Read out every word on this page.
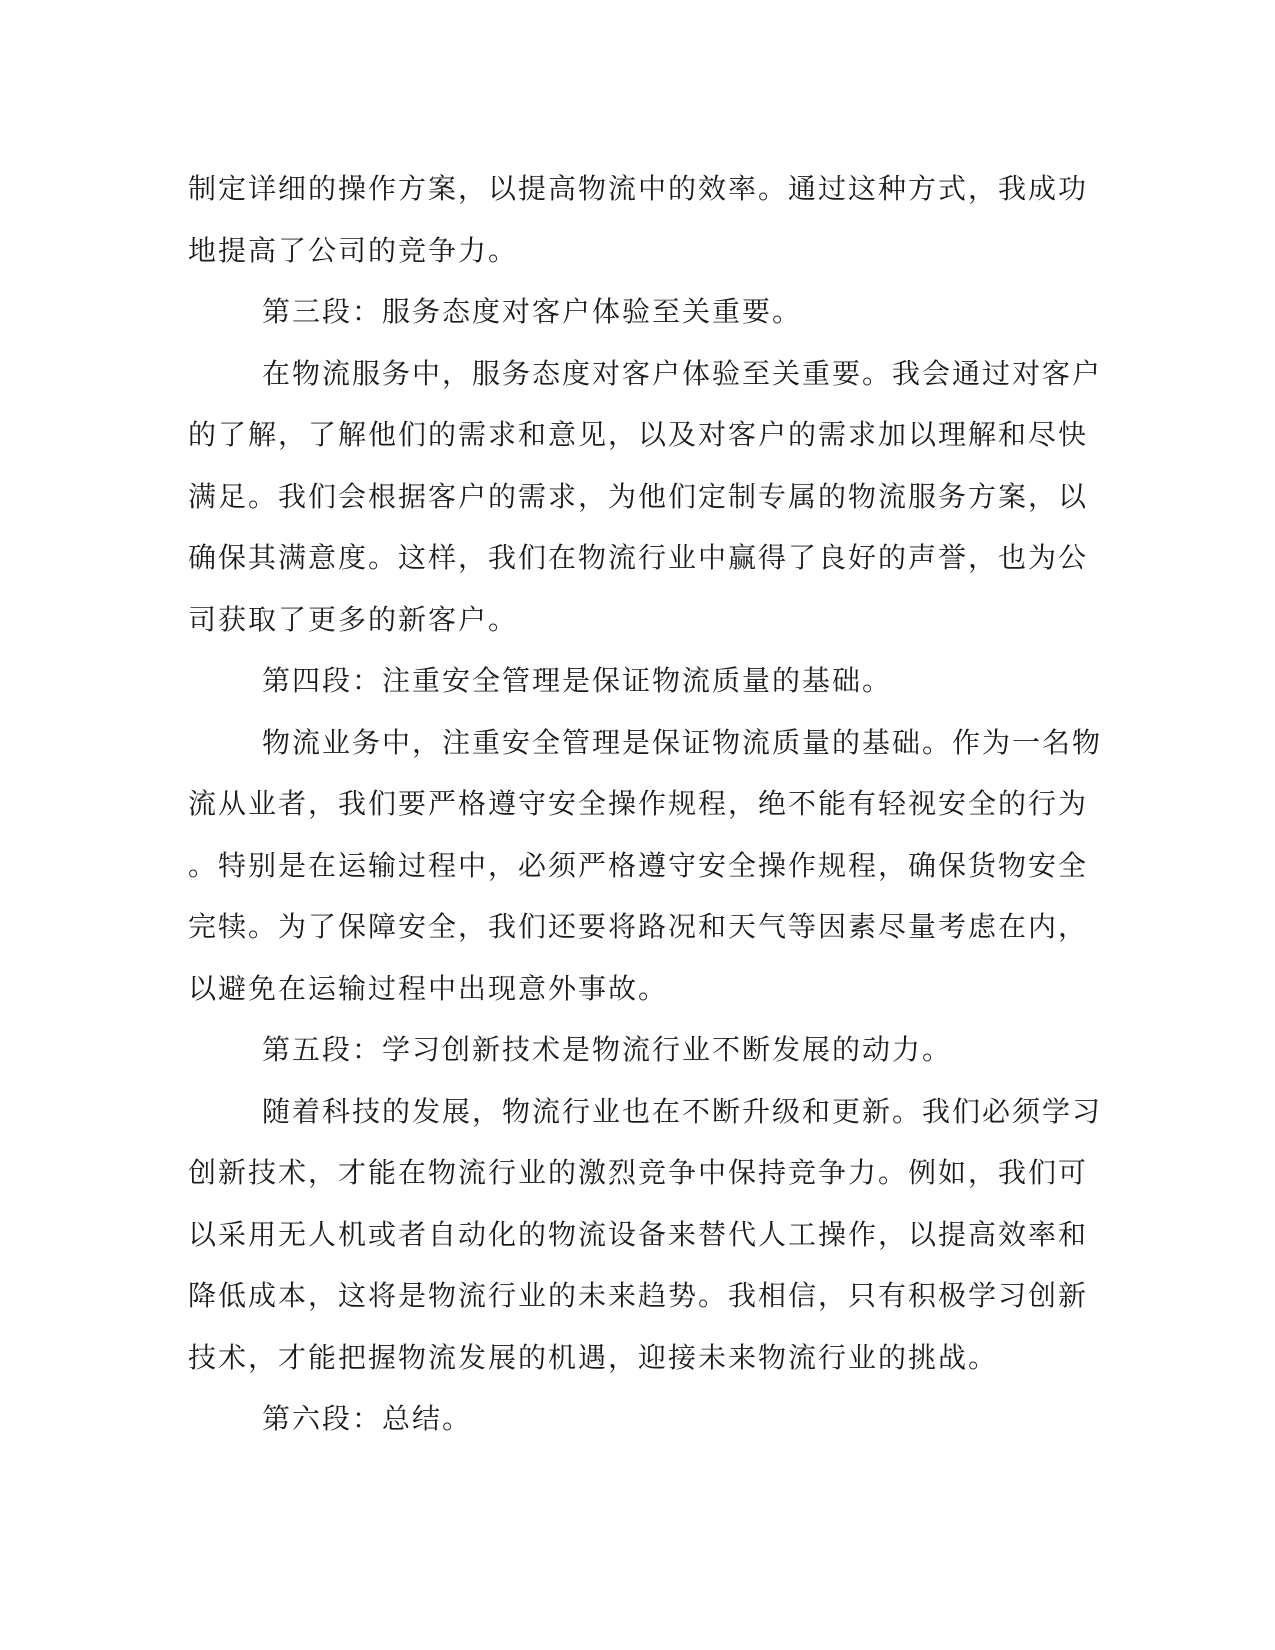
制定详细的操作方案，以提高物流中的效率。通过这种方式，我成功
地提高了公司的竞争力。
第三段：服务态度对客户体验至关重要。
在物流服务中，服务态度对客户体验至关重要。我会通过对客户
的了解，了解他们的需求和意见，以及对客户的需求加以理解和尽快
满足。我们会根据客户的需求，为他们定制专属的物流服务方案，以
确保其满意度。这样，我们在物流行业中赢得了良好的声誉，也为公
司获取了更多的新客户。
第四段：注重安全管理是保证物流质量的基础。
物流业务中，注重安全管理是保证物流质量的基础。作为一名物
流从业者，我们要严格遵守安全操作规程，绝不能有轻视安全的行为
。特别是在运输过程中，必须严格遵守安全操作规程，确保货物安全
完犊。为了保障安全，我们还要将路况和天气等因素尽量考虑在内，
以避免在运输过程中出现意外事故。
第五段：学习创新技术是物流行业不断发展的动力。
随着科技的发展，物流行业也在不断升级和更新。我们必须学习
创新技术，才能在物流行业的激烈竞争中保持竞争力。例如，我们可
以采用无人机或者自动化的物流设备来替代人工操作，以提高效率和
降低成本，这将是物流行业的未来趋势。我相信，只有积极学习创新
技术，才能把握物流发展的机遇，迎接未来物流行业的挑战。
第六段：总结。
